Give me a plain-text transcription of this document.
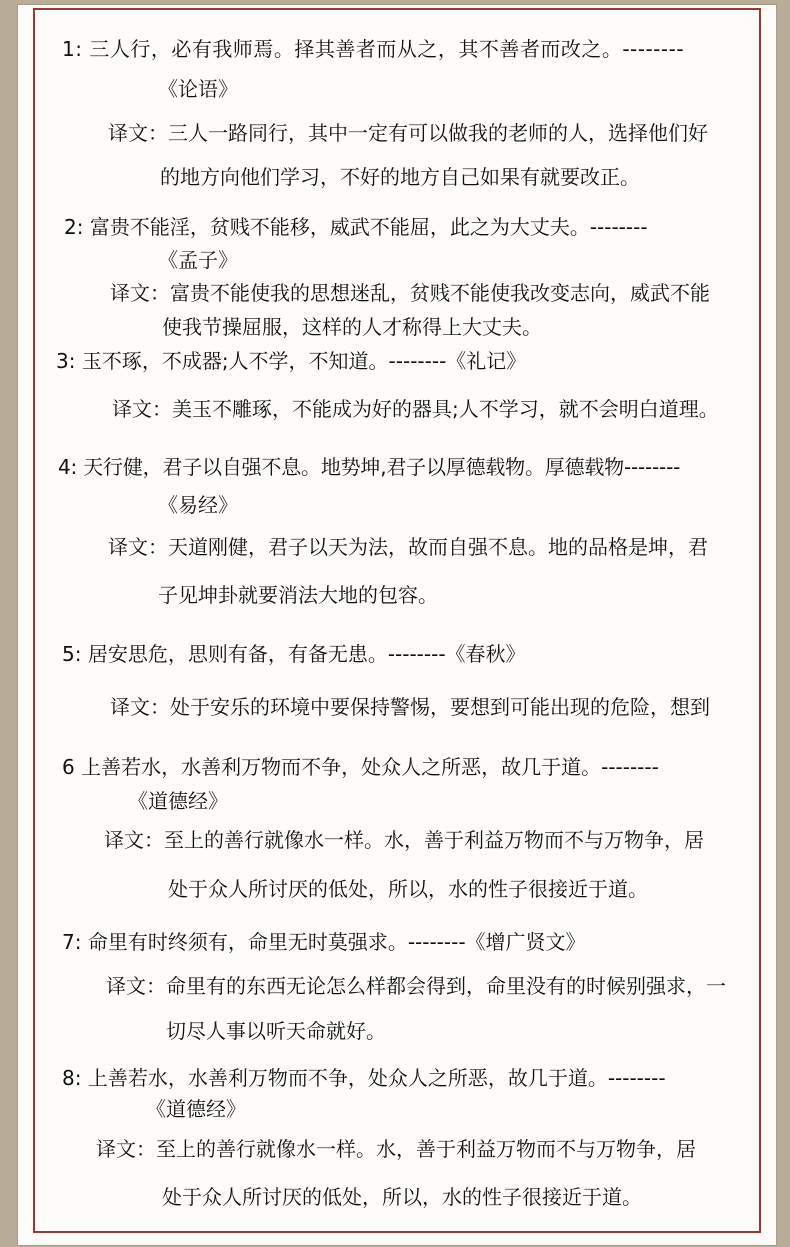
1: 三人行，必有我师焉。择其善者而从之，其不善者而改之。--------
《论语》
译文：三人一路同行，其中一定有可以做我的老师的人，选择他们好
的地方向他们学习，不好的地方自己如果有就要改正。
2: 富贵不能淫，贫贱不能移，威武不能屈，此之为大丈夫。--------
《孟子》
译文：富贵不能使我的思想迷乱，贫贱不能使我改变志向，威武不能
使我节操屈服，这样的人才称得上大丈夫。
3: 玉不琢，不成器;人不学，不知道。--------《礼记》
译文：美玉不雕琢，不能成为好的器具;人不学习，就不会明白道理。
4: 天行健，君子以自强不息。地势坤,君子以厚德载物。厚德载物--------
《易经》
译文：天道刚健，君子以天为法，故而自强不息。地的品格是坤，君
子见坤卦就要消法大地的包容。
5: 居安思危，思则有备，有备无患。--------《春秋》
译文：处于安乐的环境中要保持警惕，要想到可能出现的危险，想到
6 上善若水，水善利万物而不争，处众人之所恶，故几于道。--------
《道德经》
译文：至上的善行就像水一样。水，善于利益万物而不与万物争，居
处于众人所讨厌的低处，所以，水的性子很接近于道。
7: 命里有时终须有，命里无时莫强求。--------《增广贤文》
译文：命里有的东西无论怎么样都会得到，命里没有的时候别强求，一
切尽人事以听天命就好。
8: 上善若水，水善利万物而不争，处众人之所恶，故几于道。--------
《道德经》
译文：至上的善行就像水一样。水，善于利益万物而不与万物争，居
处于众人所讨厌的低处，所以，水的性子很接近于道。
